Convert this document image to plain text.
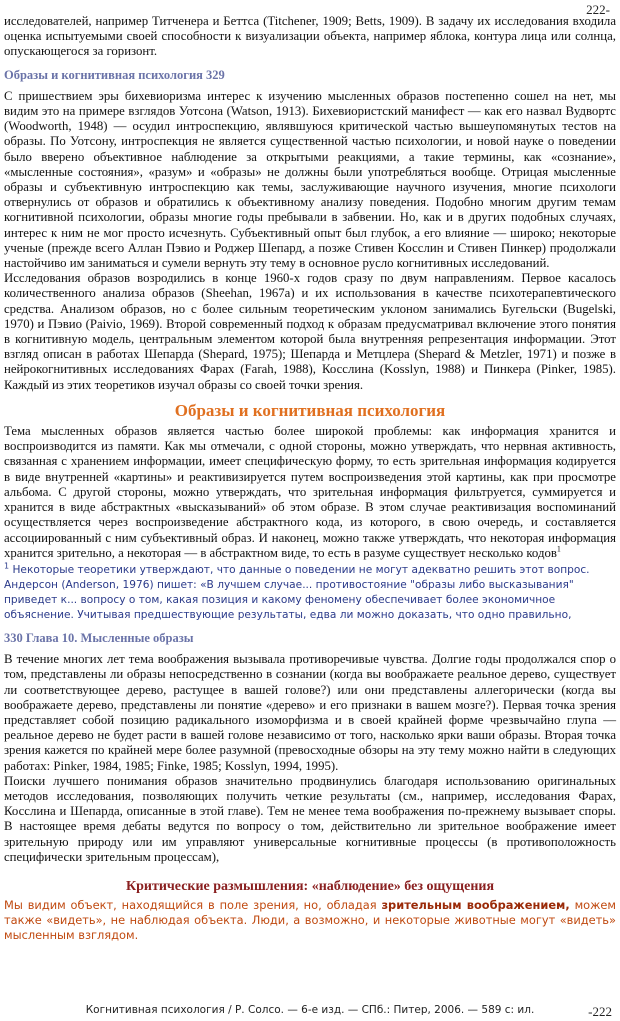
222-

исследователей, например Титченера и Беттса (Titchener, 1909; Betts, 1909). В задачу их исследования входила оценка испытуемыми своей способности к визуализации объекта, например яблока, контура лица или солнца, опускающегося за горизонт.

Образы и когнитивная психология 329

С пришествием эры бихевиоризма интерес к изучению мысленных образов постепенно сошел на нет, мы видим это на примере взглядов Уотсона (Watson, 1913). Бихевиористский манифест — как его назвал Вудвортс (Woodworth, 1948) — осудил интроспекцию, являвшуюся критической частью вышеупомянутых тестов на образы. По Уотсону, интроспекция не является существенной частью психологии, и новой науке о поведении было вверено объективное наблюдение за открытыми реакциями, а такие термины, как «сознание», «мысленные состояния», «разум» и «образы» не должны были употребляться вообще. Отрицая мысленные образы и субъективную интроспекцию как темы, заслуживающие научного изучения, многие психологи отвернулись от образов и обратились к объективному анализу поведения. Подобно многим другим темам когнитивной психологии, образы многие годы пребывали в забвении. Но, как и в других подобных случаях, интерес к ним не мог просто исчезнуть. Субъективный опыт был глубок, а его влияние — широко; некоторые ученые (прежде всего Аллан Пэвио и Роджер Шепард, а позже Стивен Косслин и Стивен Пинкер) продолжали настойчиво им заниматься и сумели вернуть эту тему в основное русло когнитивных исследований.

Исследования образов возродились в конце 1960-х годов сразу по двум направлениям. Первое касалось количественного анализа образов (Sheehan, 1967a) и их использования в качестве психотерапевтического средства. Анализом образов, но с более сильным теоретическим уклоном занимались Бугельски (Bugelski, 1970) и Пэвио (Paivio, 1969). Второй современный подход к образам предусматривал включение этого понятия в когнитивную модель, центральным элементом которой была внутренняя репрезентация информации. Этот взгляд описан в работах Шепарда (Shepard, 1975); Шепарда и Метцлера (Shepard & Metzler, 1971) и позже в нейрокогнитивных исследованиях Фарах (Farah, 1988), Косслина (Kosslyn, 1988) и Пинкера (Pinker, 1985). Каждый из этих теоретиков изучал образы со своей точки зрения.

Образы и когнитивная психология

Тема мысленных образов является частью более широкой проблемы: как информация хранится и воспроизводится из памяти. Как мы отмечали, с одной стороны, можно утверждать, что нервная активность, связанная с хранением информации, имеет специфическую форму, то есть зрительная информация кодируется в виде внутренней «картины» и реактивизируется путем воспроизведения этой картины, как при просмотре альбома. С другой стороны, можно утверждать, что зрительная информация фильтруется, суммируется и хранится в виде абстрактных «высказываний» об этом образе. В этом случае реактивизация воспоминаний осуществляется через воспроизведение абстрактного кода, из которого, в свою очередь, и составляется ассоциированный с ним субъективный образ. И наконец, можно также утверждать, что некоторая информация хранится зрительно, а некоторая — в абстрактном виде, то есть в разуме существует несколько кодов$^1$

$^1$ Некоторые теоретики утверждают, что данные о поведении не могут адекватно решить этот вопрос. Андерсон (Anderson, 1976) пишет: «В лучшем случае... противостояние "образы либо высказывания" приведет к... вопросу о том, какая позиция и какому феномену обеспечивает более экономичное объяснение. Учитывая предшествующие результаты, едва ли можно доказать, что одно правильно,

330 Глава 10. Мысленные образы

В течение многих лет тема воображения вызывала противоречивые чувства. Долгие годы продолжался спор о том, представлены ли образы непосредственно в сознании (когда вы воображаете реальное дерево, существует ли соответствующее дерево, растущее в вашей голове?) или они представлены аллегорически (когда вы воображаете дерево, представлены ли понятие «дерево» и его признаки в вашем мозге?). Первая точка зрения представляет собой позицию радикального изоморфизма и в своей крайней форме чрезвычайно глупа — реальное дерево не будет расти в вашей голове независимо от того, насколько ярки ваши образы. Вторая точка зрения кажется по крайней мере более разумной (превосходные обзоры на эту тему можно найти в следующих работах: Pinker, 1984, 1985; Finke, 1985; Kosslyn, 1994, 1995).

Поиски лучшего понимания образов значительно продвинулись благодаря использованию оригинальных методов исследования, позволяющих получить четкие результаты (см., например, исследования Фарах, Косслина и Шепарда, описанные в этой главе). Тем не менее тема воображения по-прежнему вызывает споры. В настоящее время дебаты ведутся по вопросу о том, действительно ли зрительное воображение имеет зрительную природу или им управляют универсальные когнитивные процессы (в противоположность специфически зрительным процессам),

Критические размышления: «наблюдение» без ощущения

Мы видим объект, находящийся в поле зрения, но, обладая зрительным воображением, можем также «видеть», не наблюдая объекта. Люди, а возможно, и некоторые животные могут «видеть» мысленным взглядом.

Когнитивная психология / Р. Солсо. — 6-е изд. — СПб.: Питер, 2006. — 589 с: ил.	-222
